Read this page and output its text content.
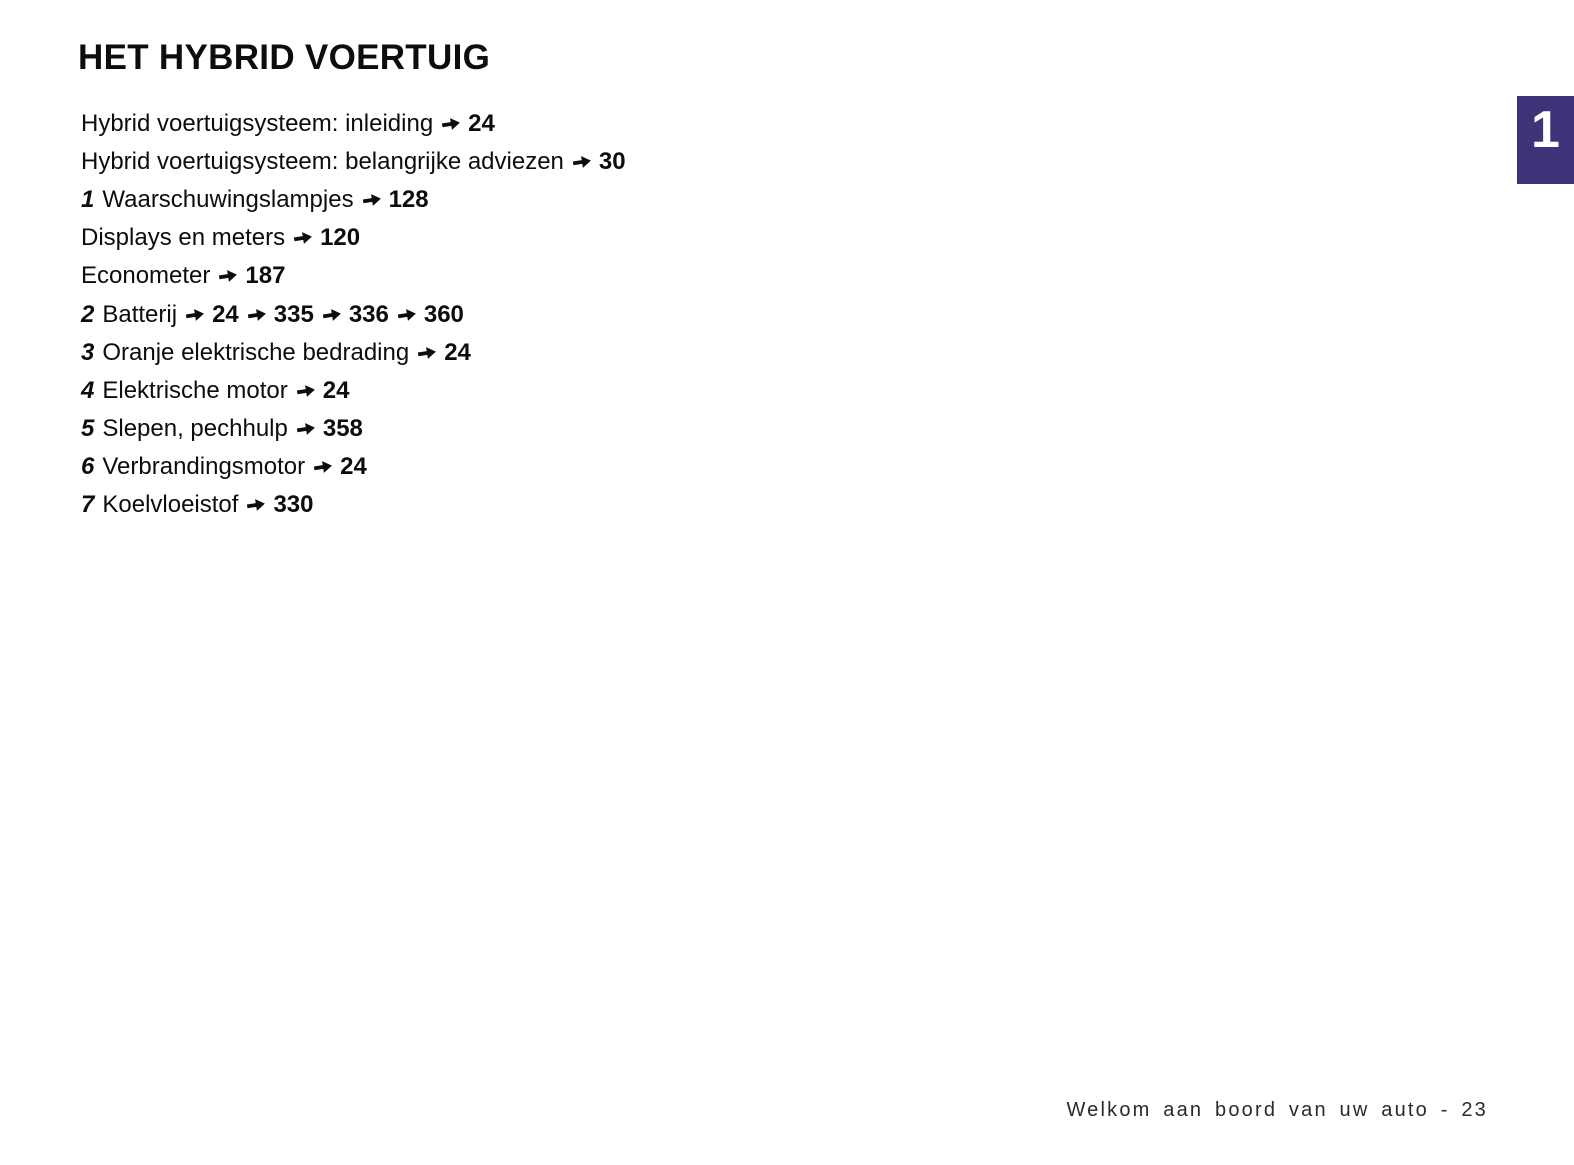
HET HYBRID VOERTUIG
Hybrid voertuigsysteem: inleiding 24
Hybrid voertuigsysteem: belangrijke adviezen 30
1 Waarschuwingslampjes 128
Displays en meters 120
Econometer 187
2 Batterij 24 335 336 360
3 Oranje elektrische bedrading 24
4 Elektrische motor 24
5 Slepen, pechhulp 358
6 Verbrandingsmotor 24
7 Koelvloeistof 330
1
Welkom aan boord van uw auto - 23
